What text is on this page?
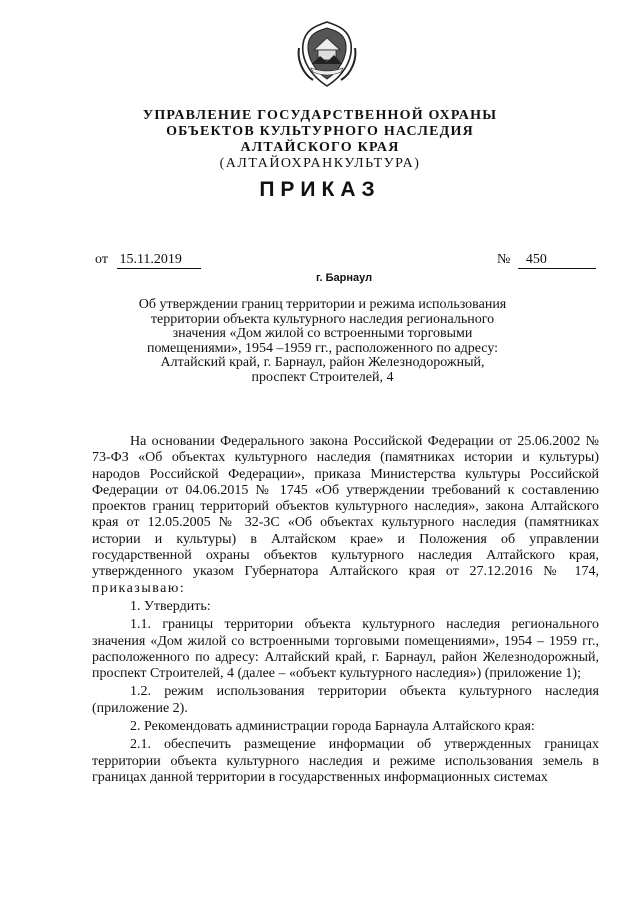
УПРАВЛЕНИЕ ГОСУДАРСТВЕННОЙ ОХРАНЫ
ОБЪЕКТОВ КУЛЬТУРНОГО НАСЛЕДИЯ
АЛТАЙСКОГО КРАЯ
(АЛТАЙОХРАНКУЛЬТУРА)
ПРИКАЗ
от 15.11.2019	№ 450
г. Барнаул
Об утверждении границ территории и режима использования
территории объекта культурного наследия регионального
значения «Дом жилой со встроенными торговыми
помещениями», 1954 –1959 гг., расположенного по адресу:
Алтайский край, г. Барнаул, район Железнодорожный,
проспект Строителей, 4

На основании Федерального закона Российской Федерации от 25.06.2002 № 73-ФЗ «Об объектах культурного наследия (памятниках истории и культуры) народов Российской Федерации», приказа Министерства культуры Российской Федерации от 04.06.2015 № 1745 «Об утверждении требований к составлению проектов границ территорий объектов культурного наследия», закона Алтайского края от 12.05.2005 № 32-ЗС «Об объектах культурного наследия (памятниках истории и культуры) в Алтайском крае» и Положения об управлении государственной охраны объектов культурного наследия Алтайского края, утвержденного указом Губернатора Алтайского края от 27.12.2016 № 174, приказываю:

1. Утвердить:

1.1. границы территории объекта культурного наследия регионального значения «Дом жилой со встроенными торговыми помещениями», 1954 – 1959 гг., расположенного по адресу: Алтайский край, г. Барнаул, район Железнодорожный, проспект Строителей, 4 (далее – «объект культурного наследия») (приложение 1);

1.2. режим использования территории объекта культурного наследия (приложение 2).

2. Рекомендовать администрации города Барнаула Алтайского края:

2.1. обеспечить размещение информации об утвержденных границах территории объекта культурного наследия и режиме использования земель в границах данной территории в государственных информационных системах
